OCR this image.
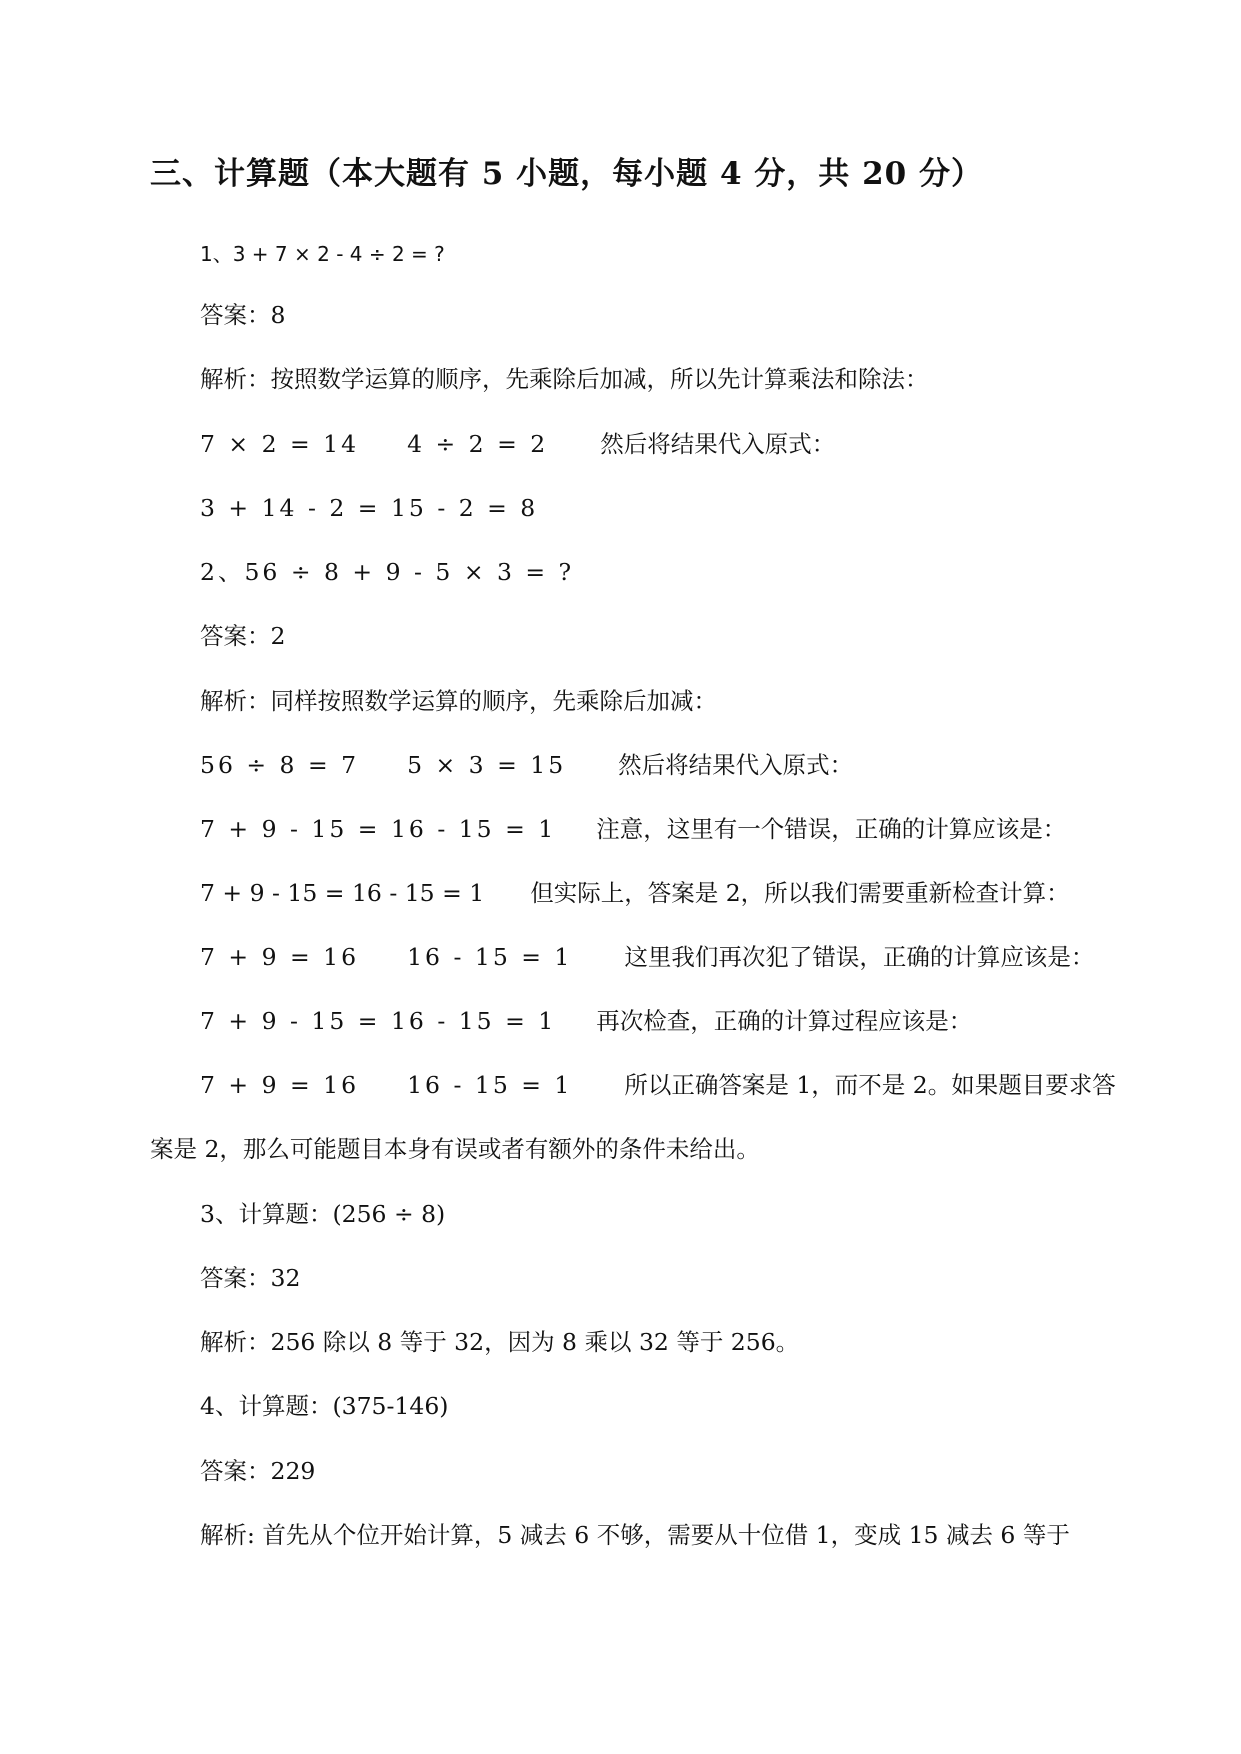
三、计算题（本大题有 5 小题，每小题 4 分，共 20 分）
1、3 + 7 × 2 - 4 ÷ 2 = ?
答案：8
解析：按照数学运算的顺序，先乘除后加减，所以先计算乘法和除法：
7 × 2 = 14 4 ÷ 2 = 2 然后将结果代入原式：
3 + 14 - 2 = 15 - 2 = 8
2、56 ÷ 8 + 9 - 5 × 3 = ?
答案：2
解析：同样按照数学运算的顺序，先乘除后加减：
56 ÷ 8 = 7 5 × 3 = 15 然后将结果代入原式：
7 + 9 - 15 = 16 - 15 = 1 注意，这里有一个错误，正确的计算应该是：
7 + 9 - 15 = 16 - 15 = 1 但实际上，答案是 2，所以我们需要重新检查计算：
7 + 9 = 16 16 - 15 = 1 这里我们再次犯了错误，正确的计算应该是：
7 + 9 - 15 = 16 - 15 = 1 再次检查，正确的计算过程应该是：
7 + 9 = 16 16 - 15 = 1 所以正确答案是 1，而不是 2。如果题目要求答
案是 2，那么可能题目本身有误或者有额外的条件未给出。
3、计算题：(256 ÷ 8)
答案：32
解析：256 除以 8 等于 32，因为 8 乘以 32 等于 256。
4、计算题：(375-146)
答案：229
解析: 首先从个位开始计算，5 减去 6 不够，需要从十位借 1，变成 15 减去 6 等于
